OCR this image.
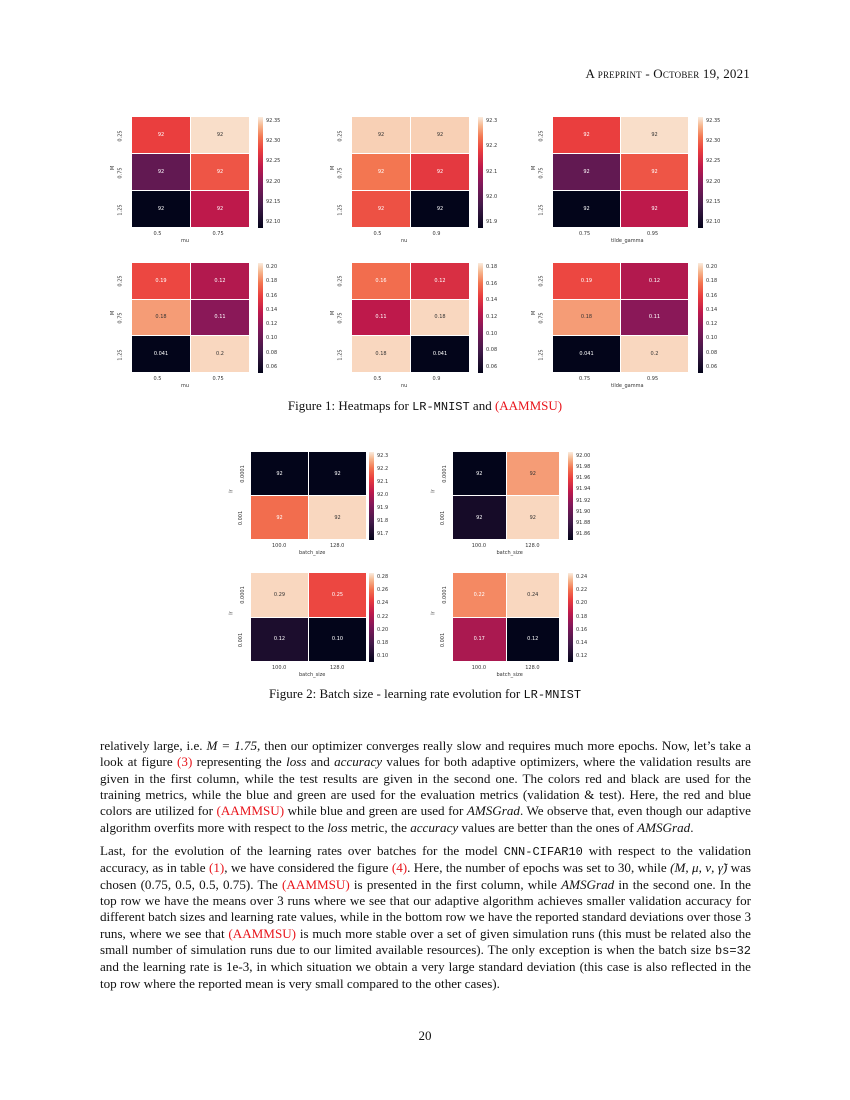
A preprint - October 19, 2021
92	92
92	92
92	92
92.35
92.30
92.25
92.20
92.15
92.10
0.5	0.75
0.25
0.75
1.25
mu
M
92	92
92	92
92	92
92.3
92.2
92.1
92.0
91.9
0.5	0.9
0.25
0.75
1.25
nu
M
92	92
92	92
92	92
92.35
92.30
92.25
92.20
92.15
92.10
0.75	0.95
0.25
0.75
1.25
tilde_gamma
M
0.19	0.12
0.18	0.11
0.041	0.2
0.20
0.18
0.16
0.14
0.12
0.10
0.08
0.06
0.5	0.75
0.25
0.75
1.25
mu
M
0.16	0.12
0.11	0.18
0.18	0.041
0.18
0.16
0.14
0.12
0.10
0.08
0.06
0.5	0.9
0.25
0.75
1.25
nu
M
0.19	0.12
0.18	0.11
0.041	0.2
0.20
0.18
0.16
0.14
0.12
0.10
0.08
0.06
0.75	0.95
0.25
0.75
1.25
tilde_gamma
M
92	92
92	92
92.3
92.2
92.1
92.0
91.9
91.8
91.7
100.0	128.0
0.0001
0.001
batch_size
lr
92	92
92	92
92.00
91.98
91.96
91.94
91.92
91.90
91.88
91.86
100.0	128.0
0.0001
0.001
batch_size
lr
0.29	0.25
0.12	0.10
0.28
0.26
0.24
0.22
0.20
0.18
0.10
100.0	128.0
0.0001
0.001
batch_size
lr
0.22	0.24
0.17	0.12
0.24
0.22
0.20
0.18
0.16
0.14
0.12
100.0	128.0
0.0001
0.001
batch_size
lr
Figure 1: Heatmaps for LR-MNIST and (AAMMSU)
Figure 2: Batch size - learning rate evolution for LR-MNIST

relatively large, i.e. M = 1.75, then our optimizer converges really slow and requires much more epochs. Now, let’s take a look at figure (3) representing the loss and accuracy values for both adaptive optimizers, where the validation results are given in the first column, while the test results are given in the second one. The colors red and black are used for the training metrics, while the blue and green are used for the evaluation metrics (validation & test). Here, the red and blue colors are utilized for (AAMMSU) while blue and green are used for AMSGrad. We observe that, even though our adaptive algorithm overfits more with respect to the loss metric, the accuracy values are better than the ones of AMSGrad.

Last, for the evolution of the learning rates over batches for the model CNN-CIFAR10 with respect to the validation accuracy, as in table (1), we have considered the figure (4). Here, the number of epochs was set to 30, while (M, μ, ν, γ̃) was chosen (0.75, 0.5, 0.5, 0.75). The (AAMMSU) is presented in the first column, while AMSGrad in the second one. In the top row we have the means over 3 runs where we see that our adaptive algorithm achieves smaller validation accuracy for different batch sizes and learning rate values, while in the bottom row we have the reported standard deviations over those 3 runs, where we see that (AAMMSU) is much more stable over a set of given simulation runs (this must be related also the small number of simulation runs due to our limited available resources). The only exception is when the batch size bs=32 and the learning rate is 1e-3, in which situation we obtain a very large standard deviation (this case is also reflected in the top row where the reported mean is very small compared to the other cases).

20
